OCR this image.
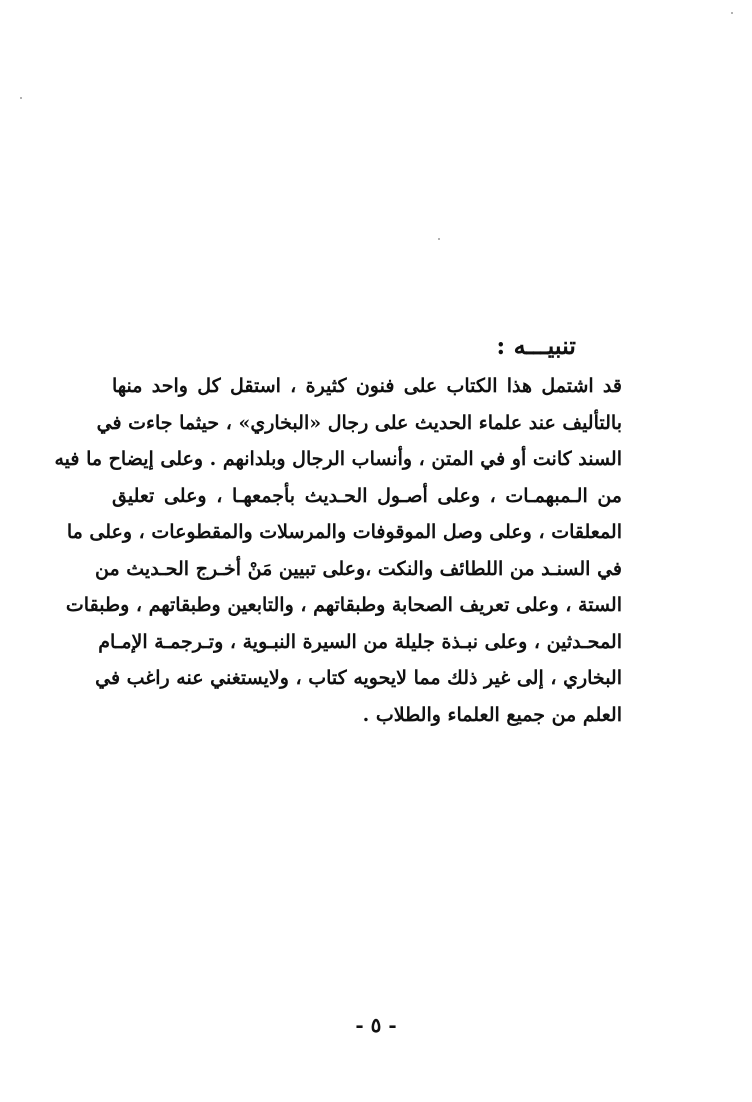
تنبيـــه :
قد اشتمل هذا الكتاب على فنون كثيرة ، استقل كل واحد منها
بالتأليف عند علماء الحديث على رجال «البخاري» ، حيثما جاءت في
السند كانت أو في المتن ، وأنساب الرجال وبلدانهم . وعلى إيضاح ما فيه
من الـمبهمـات ، وعلى أصـول الحـديث بأجمعهـا ، وعلى تعليق
المعلقات ، وعلى وصل الموقوفات والمرسلات والمقطوعات ، وعلى ما
في السنـد من اللطائف والنكت ،وعلى تبيين مَنْ أخـرج الحـديث من
الستة ، وعلى تعريف الصحابة وطبقاتهم ، والتابعين وطبقاتهم ، وطبقات
المحـدثين ، وعلى نبـذة جليلة من السيرة النبـوية ، وتـرجمـة الإمـام
البخاري ، إلى غير ذلك مما لايحويه كتاب ، ولايستغني عنه راغب في
العلم من جميع العلماء والطلاب .
- ٥ -
